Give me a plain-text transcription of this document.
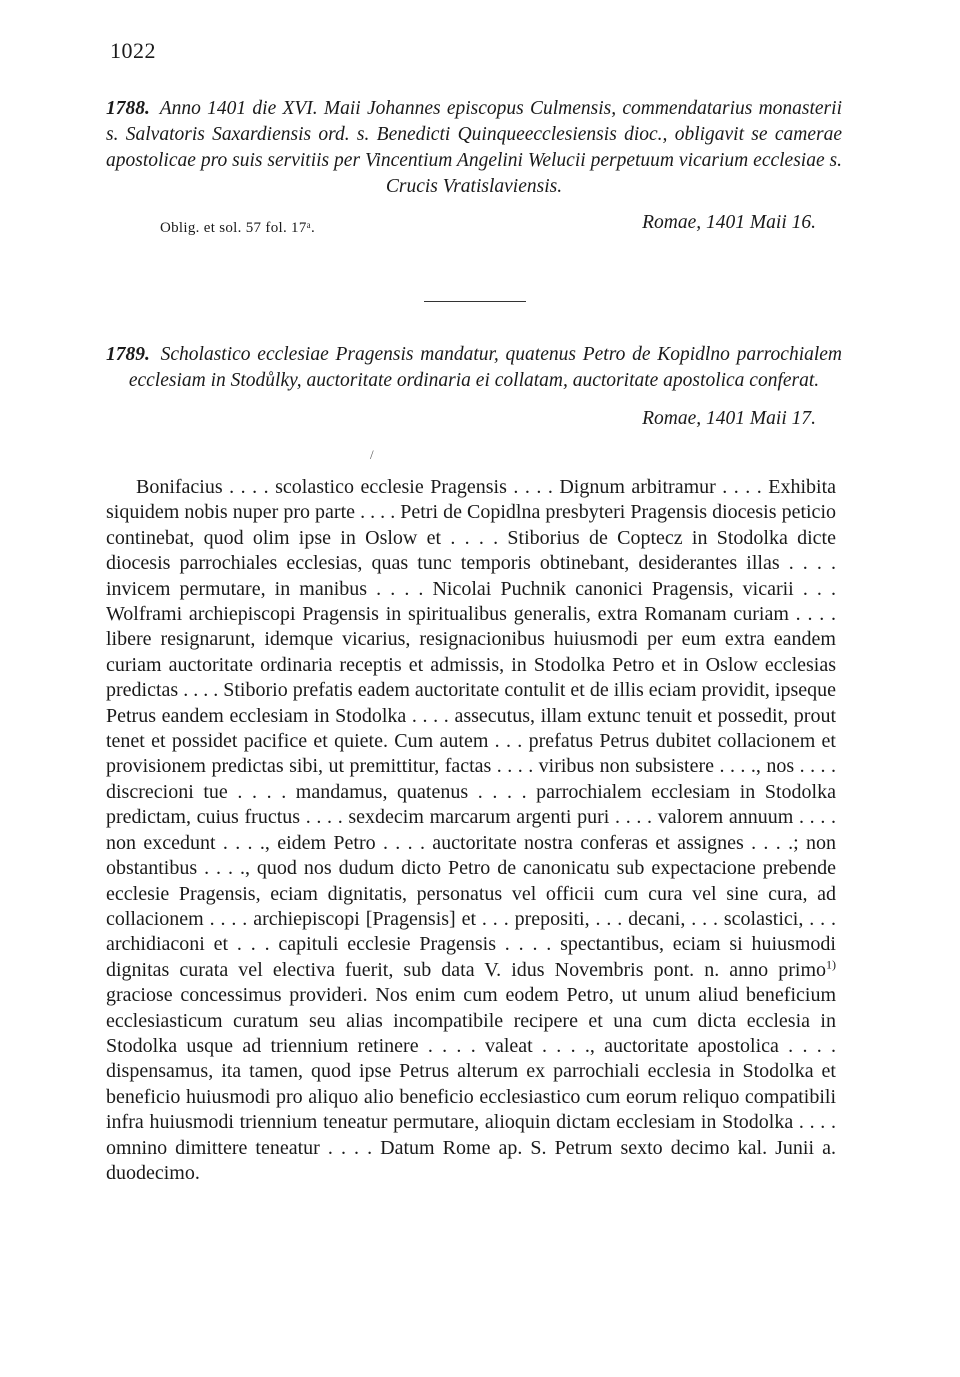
1022

1788. Anno 1401 die XVI. Maii Johannes episcopus Culmensis, commendatarius monasterii s. Salvatoris Saxardiensis ord. s. Benedicti Quinqueecclesiensis dioc., obligavit se camerae apostolicae pro suis servitiis per Vincentium Angelini Welucii perpetuum vicarium ecclesiae s. Crucis Vratislaviensis.

Oblig. et sol. 57 fol. 17ᵃ.	Romae, 1401 Maii 16.

1789. Scholastico ecclesiae Pragensis mandatur, quatenus Petro de Kopidlno parrochialem ecclesiam in Stodůlky, auctoritate ordinaria ei collatam, auctoritate apostolica conferat.

Romae, 1401 Maii 17.
/

Bonifacius . . . . scolastico ecclesie Pragensis . . . . Dignum arbitramur . . . . Exhibita siquidem nobis nuper pro parte . . . . Petri de Copidlna presbyteri Pragensis diocesis peticio continebat, quod olim ipse in Oslow et . . . . Stiborius de Coptecz in Stodolka dicte diocesis parrochiales ecclesias, quas tunc temporis obtinebant, desiderantes illas . . . . invicem permutare, in manibus . . . . Nicolai Puchnik canonici Pragensis, vicarii . . . Wolframi archiepiscopi Pragensis in spiritualibus generalis, extra Romanam curiam . . . . libere resignarunt, idemque vicarius, resignacionibus huiusmodi per eum extra eandem curiam auctoritate ordinaria receptis et admissis, in Stodolka Petro et in Oslow ecclesias predictas . . . . Stiborio prefatis eadem auctoritate contulit et de illis eciam providit, ipseque Petrus eandem ecclesiam in Stodolka . . . . assecutus, illam extunc tenuit et possedit, prout tenet et possidet pacifice et quiete. Cum autem . . . prefatus Petrus dubitet collacionem et provisionem predictas sibi, ut premittitur, factas . . . . viribus non subsistere . . . ., nos . . . . discrecioni tue . . . . mandamus, quatenus . . . . parrochialem ecclesiam in Stodolka predictam, cuius fructus . . . . sexdecim marcarum argenti puri . . . . valorem annuum . . . . non excedunt . . . ., eidem Petro . . . . auctoritate nostra conferas et assignes . . . .; non obstantibus . . . ., quod nos dudum dicto Petro de canonicatu sub expectacione prebende ecclesie Pragensis, eciam dignitatis, personatus vel officii cum cura vel sine cura, ad collacionem . . . . archiepiscopi [Pragensis] et . . . prepositi, . . . decani, . . . scolastici, . . . archidiaconi et . . . capituli ecclesie Pragensis . . . . spectantibus, eciam si huiusmodi dignitas curata vel electiva fuerit, sub data V. idus Novembris pont. n. anno primo$^{1)}$ graciose concessimus provideri. Nos enim cum eodem Petro, ut unum aliud beneficium ecclesiasticum curatum seu alias incompatibile recipere et una cum dicta ecclesia in Stodolka usque ad triennium retinere . . . . valeat . . . ., auctoritate apostolica . . . . dispensamus, ita tamen, quod ipse Petrus alterum ex parrochiali ecclesia in Stodolka et beneficio huiusmodi pro aliquo alio beneficio ecclesiastico cum eorum reliquo compatibili infra huiusmodi triennium teneatur permutare, alioquin dictam ecclesiam in Stodolka . . . . omnino dimittere teneatur . . . . Datum Rome ap. S. Petrum sexto decimo kal. Junii a. duodecimo.
